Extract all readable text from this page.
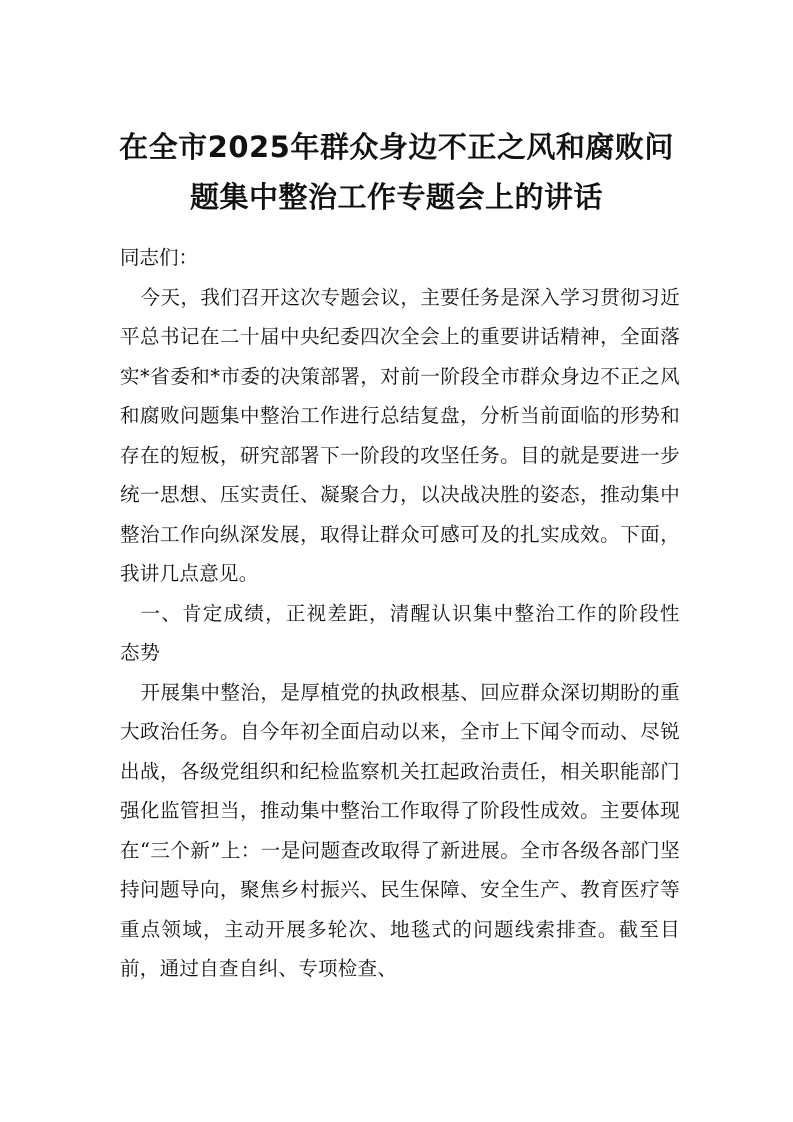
在全市2025年群众身边不正之风和腐败问
题集中整治工作专题会上的讲话

同志们：

今天，我们召开这次专题会议，主要任务是深入学习贯彻习近平总书记在二十届中央纪委四次全会上的重要讲话精神，全面落实*省委和*市委的决策部署，对前一阶段全市群众身边不正之风和腐败问题集中整治工作进行总结复盘，分析当前面临的形势和存在的短板，研究部署下一阶段的攻坚任务。目的就是要进一步统一思想、压实责任、凝聚合力，以决战决胜的姿态，推动集中整治工作向纵深发展，取得让群众可感可及的扎实成效。下面，我讲几点意见。

一、肯定成绩，正视差距，清醒认识集中整治工作的阶段性态势

开展集中整治，是厚植党的执政根基、回应群众深切期盼的重大政治任务。自今年初全面启动以来，全市上下闻令而动、尽锐出战，各级党组织和纪检监察机关扛起政治责任，相关职能部门强化监管担当，推动集中整治工作取得了阶段性成效。主要体现在“三个新”上：一是问题查改取得了新进展。全市各级各部门坚持问题导向，聚焦乡村振兴、民生保障、安全生产、教育医疗等重点领域，主动开展多轮次、地毯式的问题线索排查。截至目前，通过自查自纠、专项检查、
